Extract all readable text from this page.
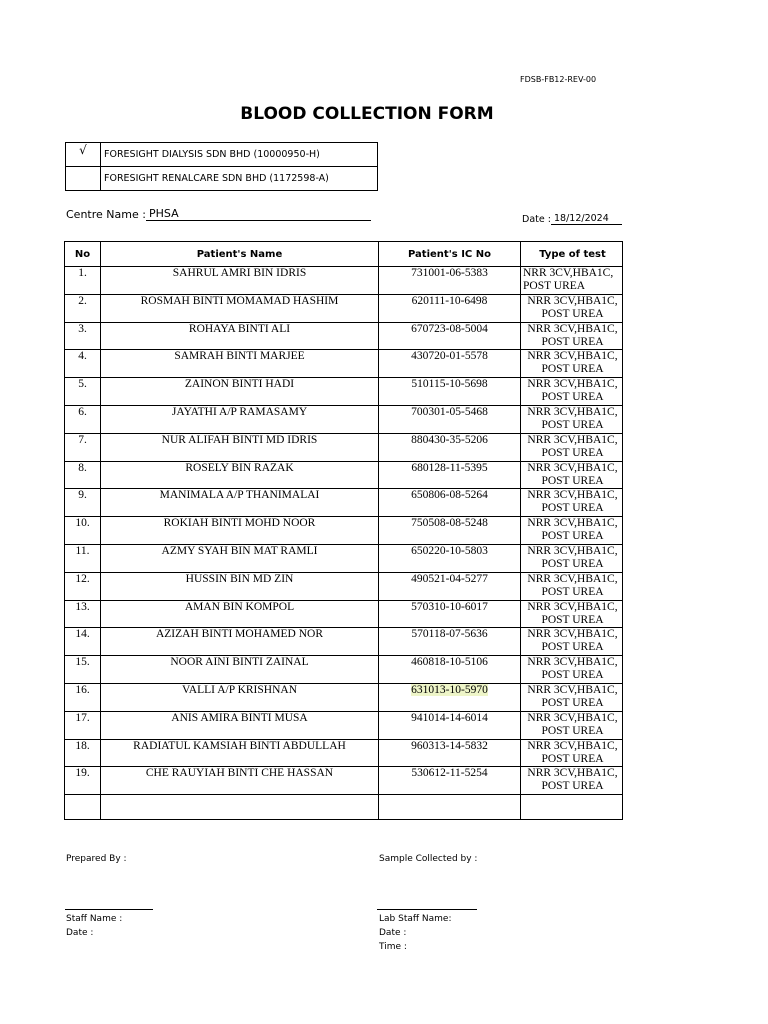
FDSB-FB12-REV-00
BLOOD COLLECTION FORM
√	FORESIGHT DIALYSIS SDN BHD (10000950-H)
	FORESIGHT RENALCARE SDN BHD (1172598-A)
Centre Name : PHSA	Date : 18/12/2024
No	Patient's Name	Patient's IC No	Type of test
1.	SAHRUL AMRI BIN IDRIS	731001-06-5383	NRR 3CV,HBA1C,
POST UREA

2.	ROSMAH BINTI MOMAMAD HASHIM	620111-10-6498	NRR 3CV,HBA1C,
POST UREA

3.	ROHAYA BINTI ALI	670723-08-5004	NRR 3CV,HBA1C,
POST UREA

4.	SAMRAH BINTI MARJEE	430720-01-5578	NRR 3CV,HBA1C,
POST UREA

5.	ZAINON BINTI HADI	510115-10-5698	NRR 3CV,HBA1C,
POST UREA

6.	JAYATHI A/P RAMASAMY	700301-05-5468	NRR 3CV,HBA1C,
POST UREA

7.	NUR ALIFAH BINTI MD IDRIS	880430-35-5206	NRR 3CV,HBA1C,
POST UREA

8.	ROSELY BIN RAZAK	680128-11-5395	NRR 3CV,HBA1C,
POST UREA

9.	MANIMALA A/P THANIMALAI	650806-08-5264	NRR 3CV,HBA1C,
POST UREA

10.	ROKIAH BINTI MOHD NOOR	750508-08-5248	NRR 3CV,HBA1C,
POST UREA

11.	AZMY SYAH BIN MAT RAMLI	650220-10-5803	NRR 3CV,HBA1C,
POST UREA

12.	HUSSIN BIN MD ZIN	490521-04-5277	NRR 3CV,HBA1C,
POST UREA

13.	AMAN BIN KOMPOL	570310-10-6017	NRR 3CV,HBA1C,
POST UREA

14.	AZIZAH BINTI MOHAMED NOR	570118-07-5636	NRR 3CV,HBA1C,
POST UREA

15.	NOOR AINI BINTI ZAINAL	460818-10-5106	NRR 3CV,HBA1C,
POST UREA

16.	VALLI A/P KRISHNAN	631013-10-5970	NRR 3CV,HBA1C,
POST UREA

17.	ANIS AMIRA BINTI MUSA	941014-14-6014	NRR 3CV,HBA1C,
POST UREA

18.	RADIATUL KAMSIAH BINTI ABDULLAH	960313-14-5832	NRR 3CV,HBA1C,
POST UREA

19.	CHE RAUYIAH BINTI CHE HASSAN	530612-11-5254	NRR 3CV,HBA1C,
POST UREA

Prepared By :
Staff Name :
Date :
Sample Collected by :
Lab Staff Name:
Date :
Time :
